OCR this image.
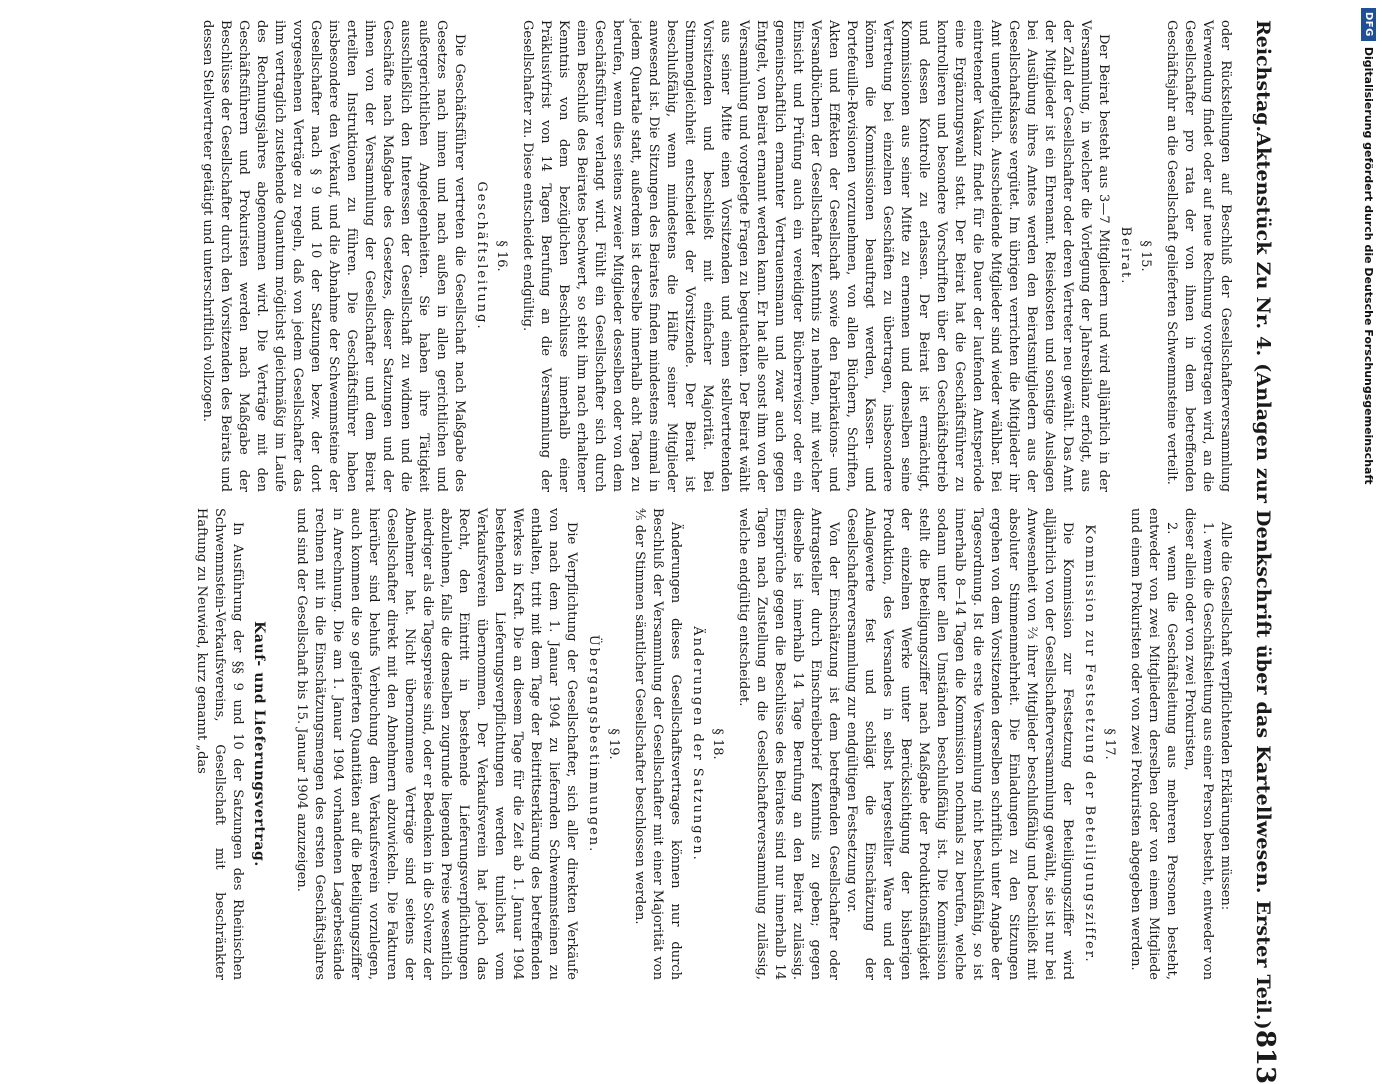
Reichstag.
Aktenstück Zu Nr. 4. (Anlagen zur Denkschrift über das Kartellwesen. Erster Teil.)
813

oder Rückstellungen auf Beschluß der Gesellschafterversammlung Verwendung findet oder auf neue Rechnung vorgetragen wird, an die Gesellschafter pro rata der von ihnen in dem betreffenden Geschäftsjahr an die Gesellschaft gelieferten Schwemmsteine verteilt.

§ 15.
Beirat.

Der Beirat besteht aus 3—7 Mitgliedern und wird alljährlich in der Versammlung, in welcher die Vorlegung der Jahresbilanz erfolgt, aus der Zahl der Gesellschafter oder deren Vertreter neu gewählt. Das Amt der Mitglieder ist ein Ehrenamt. Reisekosten und sonstige Auslagen bei Ausübung ihres Amtes werden den Beiratsmitgliedern aus der Gesellschaftskasse vergütet. Im übrigen verrichten die Mitglieder ihr Amt unentgeltlich. Ausscheidende Mitglieder sind wieder wählbar. Bei eintretender Vakanz findet für die Dauer der laufenden Amtsperiode eine Ergänzungswahl statt. Der Beirat hat die Geschäftsführer zu kontrollieren und besondere Vorschriften über den Geschäftsbetrieb und dessen Kontrolle zu erlassen. Der Beirat ist ermächtigt, Kommissionen aus seiner Mitte zu ernennen und denselben seine Vertretung bei einzelnen Geschäften zu übertragen, insbesondere können die Kommissionen beauftragt werden, Kassen- und Portefeuille-Revisionen vorzunehmen, von allen Büchern, Schriften, Akten und Effekten der Gesellschaft sowie den Fabrikations- und Versandbüchern der Gesellschafter Kenntnis zu nehmen, mit welcher Einsicht und Prüfung auch ein vereidigter Bücherrevisor oder ein gemeinschaftlich ernannter Vertrauensmann und zwar auch gegen Entgelt, von Beirat ernannt werden kann. Er hat alle sonst ihm von der Versammlung und vorgelegte Fragen zu begutachten. Der Beirat wählt aus seiner Mitte einen Vorsitzenden und einen stellvertretenden Vorsitzenden und beschließt mit einfacher Majorität. Bei Stimmengleichheit entscheidet der Vorsitzende. Der Beirat ist beschlußfähig, wenn mindestens die Hälfte seiner Mitglieder anwesend ist. Die Sitzungen des Beirates finden mindestens einmal in jedem Quartale statt, außerdem ist derselbe innerhalb acht Tagen zu berufen, wenn dies seitens zweier Mitglieder desselben oder von dem Geschäftsführer verlangt wird. Fühlt ein Gesellschafter sich durch einen Beschluß des Beirates beschwert, so steht ihm nach erhaltener Kenntnis von dem bezüglichen Beschlusse innerhalb einer Präklusivfrist von 14 Tagen Berufung an die Versammlung der Gesellschafter zu. Diese entscheidet endgültig.

§ 16.
Geschäftsleitung.

Die Geschäftsführer vertreten die Gesellschaft nach Maßgabe des Gesetzes nach innen und nach außen in allen gerichtlichen und außergerichtlichen Angelegenheiten. Sie haben ihre Tätigkeit ausschließlich den Interessen der Gesellschaft zu widmen und die Geschäfte nach Maßgabe des Gesetzes, dieser Satzungen und der ihnen von der Versammlung der Gesellschafter und dem Beirat erteilten Instruktionen zu führen. Die Geschäftsführer haben insbesondere den Verkauf, und die Abnahme der Schwemmsteine der Gesellschafter nach § 9 und 10 der Satzungen bezw. der dort vorgesehenen Verträge zu regeln, daß von jedem Gesellschafter das ihm vertraglich zustehende Quantum möglichst gleichmäßig im Laufe des Rechnungsjahres abgenommen wird. Die Verträge mit den Geschäftsführern und Prokuristen werden nach Maßgabe der Beschlüsse der Gesellschafter durch den Vorsitzenden des Beirats und dessen Stellvertreter getätigt und unterschriftlich vollzogen.

Alle die Gesellschaft verpflichtenden Erklärungen müssen:

1. wenn die Geschäftsleitung aus einer Person besteht, entweder von dieser allein oder von zwei Prokuristen,

2. wenn die Geschäftsleitung aus mehreren Personen besteht, entweder von zwei Mitgliedern derselben oder von einem Mitgliede und einem Prokuristen oder von zwei Prokuristen abgegeben werden.

§ 17.
Kommission zur Festsetzung der Beteiligungsziffer.

Die Kommission zur Festsetzung der Beteiligungsziffer wird alljährlich von der Gesellschafterversammlung gewählt, sie ist nur bei Anwesenheit von ⅔ ihrer Mitglieder beschlußfähig und beschließt mit absoluter Stimmenmehrheit. Die Einladungen zu den Sitzungen ergehen von dem Vorsitzenden derselben schriftlich unter Angabe der Tagesordnung. Ist die erste Versammlung nicht beschlußfähig, so ist innerhalb 8—14 Tagen die Kommission nochmals zu berufen, welche sodann unter allen Umständen beschlußfähig ist. Die Kommission stellt die Beteiligungsziffer nach Maßgabe der Produktionsfähigkeit der einzelnen Werke unter Berücksichtigung der bisherigen Produktion, des Versandes in selbst hergestellter Ware und der Anlagewerte fest und schlägt die Einschätzung der Gesellschafterversammlung zur endgültigen Festsetzung vor.

Von der Einschätzung ist dem betreffenden Gesellschafter oder Antragsteller durch Einschreibebrief Kenntnis zu geben; gegen dieselbe ist innerhalb 14 Tage Berufung an den Beirat zulässig. Einsprüche gegen die Beschlüsse des Beirates sind nur innerhalb 14 Tagen nach Zustellung an die Gesellschafterversammlung zulässig, welche endgültig entscheidet.

§ 18.
Änderungen der Satzungen.

Änderungen dieses Gesellschaftsvertrages können nur durch Beschluß der Versammlung der Gesellschafter mit einer Majorität von ⅘ der Stimmen sämtlicher Gesellschafter beschlossen werden.

§ 19.
Übergangsbestimmungen.

Die Verpflichtung der Gesellschafter, sich aller direkten Verkäufe von nach dem 1. Januar 1904 zu liefernden Schwemmsteinen zu enthalten, tritt mit dem Tage der Beitrittserklärung des betreffenden Werkes in Kraft. Die an diesem Tage für die Zeit ab 1. Januar 1904 bestehenden Lieferungsverpflichtungen werden tunlichst vom Verkaufsverein übernommen. Der Verkaufsverein hat jedoch das Recht, den Eintritt in bestehende Lieferungsverpflichtungen abzulehnen, falls die denselben zugrunde liegenden Preise wesentlich niedriger als die Tagespreise sind, oder er Bedenken in die Solvenz der Abnehmer hat. Nicht übernommene Verträge sind seitens der Gesellschafter direkt mit den Abnehmern abzuwickeln. Die Fakturen hierüber sind behufs Verbuchung dem Verkaufsverein vorzulegen, auch kommen die so gelieferten Quantitäten auf die Beteiligungsziffer in Anrechnung. Die am 1. Januar 1904 vorhandenen Lagerbestände rechnen mit in die Einschätzungsmengen des ersten Geschäftsjahres und sind der Gesellschaft bis 15. Januar 1904 anzuzeigen.

Kauf- und Lieferungsvertrag.

In Ausführung der §§ 9 und 10 der Satzungen des Rheinischen Schwemmstein-Verkaufsvereins, Gesellschaft mit beschränkter Haftung zu Neuwied, kurz genannt „das

DFG
Digitalisierung gefördert durch die Deutsche Forschungsgemeinschaft
